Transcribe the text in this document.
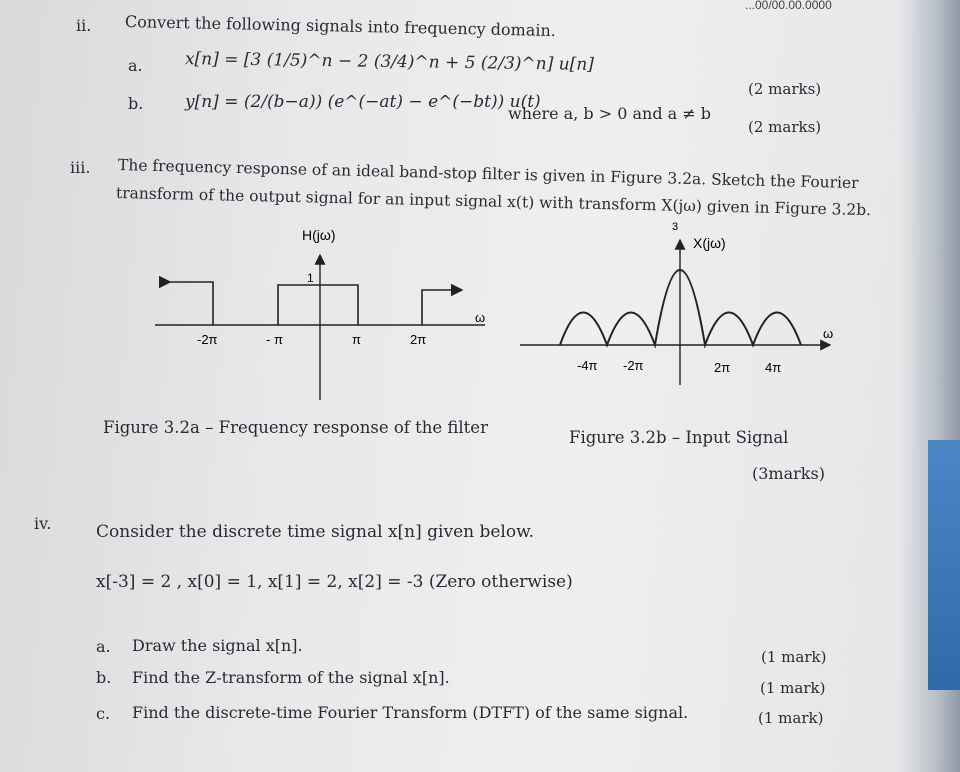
...00/00.00.0000
ii. Convert the following signals into frequency domain.
a. x[n] = [3 (1/5)^n − 2 (3/4)^n + 5 (2/3)^n] u[n]
(2 marks)
b. y[n] = (2/(b−a)) (e^(−at) − e^(−bt)) u(t)
where a, b > 0 and a ≠ b
(2 marks)
iii. The frequency response of an ideal band-stop filter is given in Figure 3.2a. Sketch the Fourier
transform of the output signal for an input signal x(t) with transform X(jω) given in Figure 3.2b.
H(jω)
1
ω
-2π	- π	π	2π
3
X(jω)
ω
-4π -2π	2π	4π
Figure 3.2a – Frequency response of the filter
Figure 3.2b – Input Signal
(3marks)
iv.	Consider the discrete time signal x[n] given below.
x[-3] = 2 , x[0] = 1, x[1] = 2, x[2] = -3 (Zero otherwise)
a. Draw the signal x[n].
(1 mark)
b. Find the Z-transform of the signal x[n].
(1 mark)
c. Find the discrete-time Fourier Transform (DTFT) of the same signal.	(1 mark)
